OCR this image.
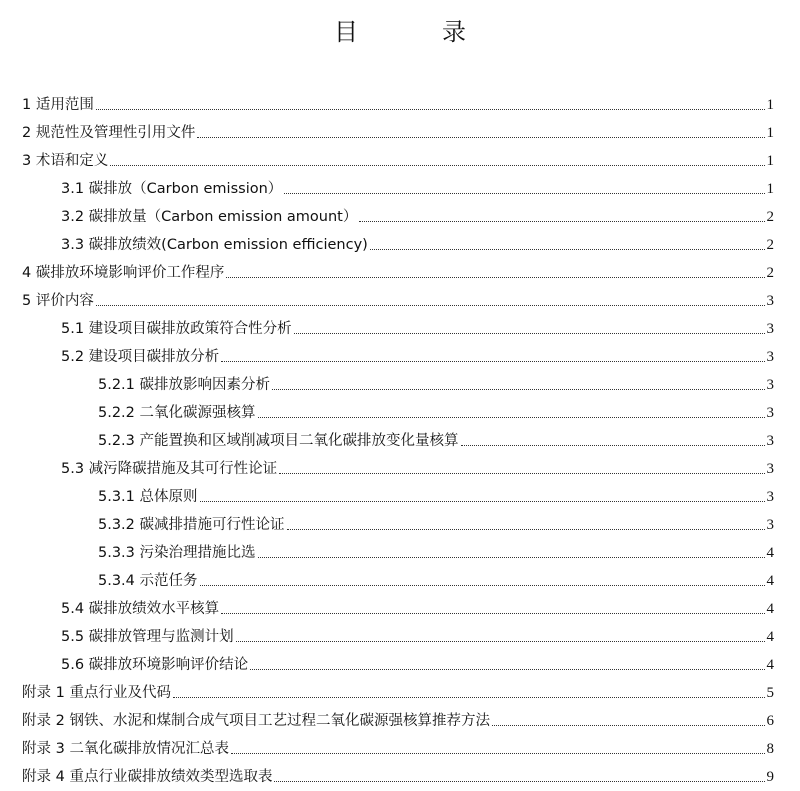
目　录
1 适用范围	1
2 规范性及管理性引用文件	1
3 术语和定义	1
3.1 碳排放（Carbon emission）	1
3.2 碳排放量（Carbon emission amount）	2
3.3 碳排放绩效(Carbon emission efficiency)	2
4 碳排放环境影响评价工作程序	2
5 评价内容	3
5.1 建设项目碳排放政策符合性分析	3
5.2 建设项目碳排放分析	3
5.2.1 碳排放影响因素分析	3
5.2.2 二氧化碳源强核算	3
5.2.3 产能置换和区域削减项目二氧化碳排放变化量核算	3
5.3 减污降碳措施及其可行性论证	3
5.3.1 总体原则	3
5.3.2 碳减排措施可行性论证	3
5.3.3 污染治理措施比选	4
5.3.4 示范任务	4
5.4 碳排放绩效水平核算	4
5.5 碳排放管理与监测计划	4
5.6 碳排放环境影响评价结论	4
附录 1 重点行业及代码	5
附录 2 钢铁、水泥和煤制合成气项目工艺过程二氧化碳源强核算推荐方法	6
附录 3 二氧化碳排放情况汇总表	8
附录 4 重点行业碳排放绩效类型选取表	9
